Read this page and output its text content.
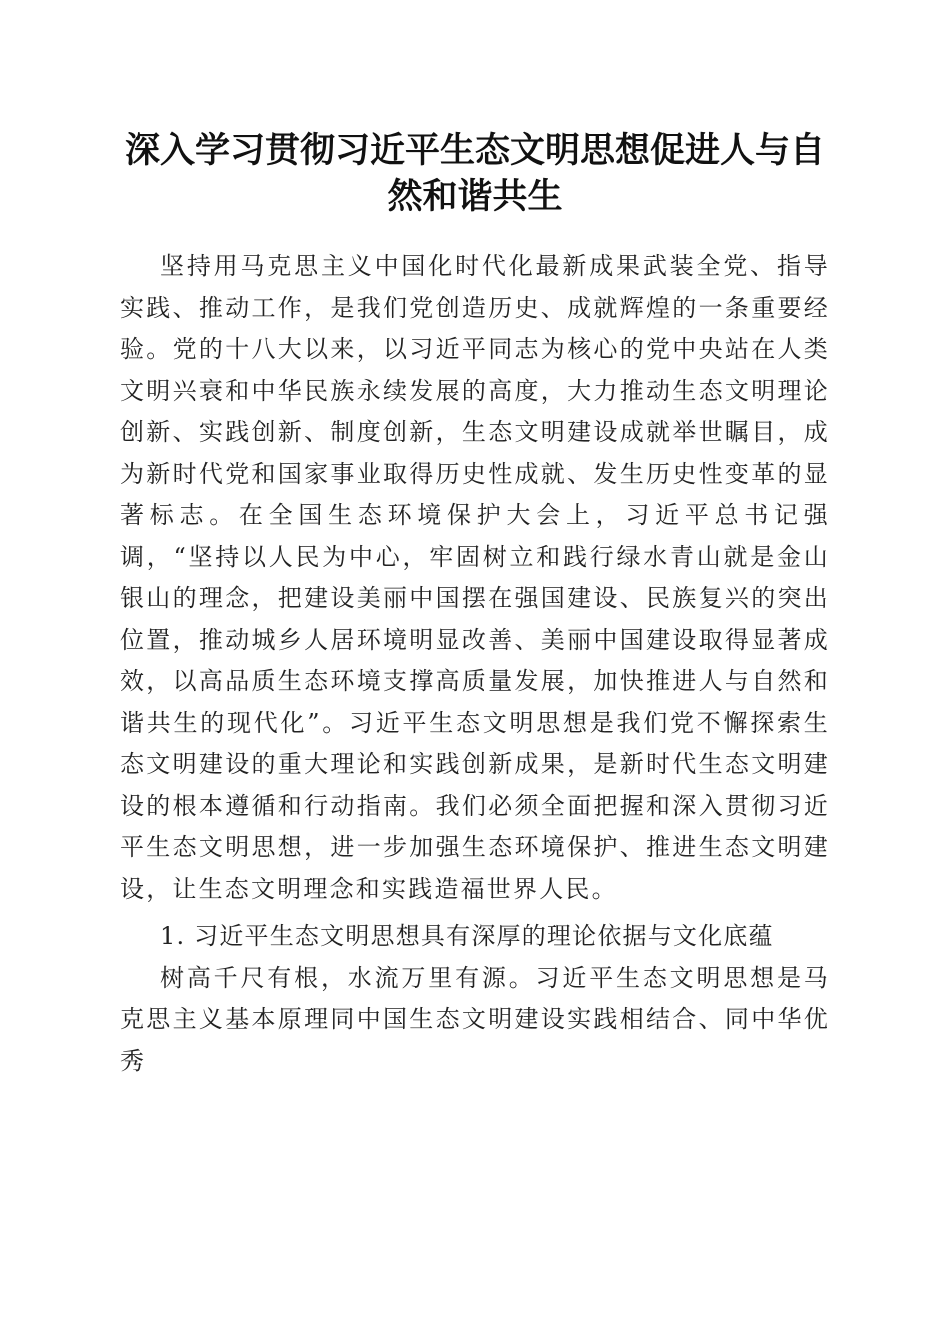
深入学习贯彻习近平生态文明思想促进人与自然和谐共生

坚持用马克思主义中国化时代化最新成果武装全党、指导实践、推动工作，是我们党创造历史、成就辉煌的一条重要经验。党的十八大以来，以习近平同志为核心的党中央站在人类文明兴衰和中华民族永续发展的高度，大力推动生态文明理论创新、实践创新、制度创新，生态文明建设成就举世瞩目，成为新时代党和国家事业取得历史性成就、发生历史性变革的显著标志。在全国生态环境保护大会上，习近平总书记强调，“坚持以人民为中心，牢固树立和践行绿水青山就是金山银山的理念，把建设美丽中国摆在强国建设、民族复兴的突出位置，推动城乡人居环境明显改善、美丽中国建设取得显著成效，以高品质生态环境支撑高质量发展，加快推进人与自然和谐共生的现代化”。习近平生态文明思想是我们党不懈探索生态文明建设的重大理论和实践创新成果，是新时代生态文明建设的根本遵循和行动指南。我们必须全面把握和深入贯彻习近平生态文明思想，进一步加强生态环境保护、推进生态文明建设，让生态文明理念和实践造福世界人民。

1. 习近平生态文明思想具有深厚的理论依据与文化底蕴

树高千尺有根，水流万里有源。习近平生态文明思想是马克思主义基本原理同中国生态文明建设实践相结合、同中华优秀
